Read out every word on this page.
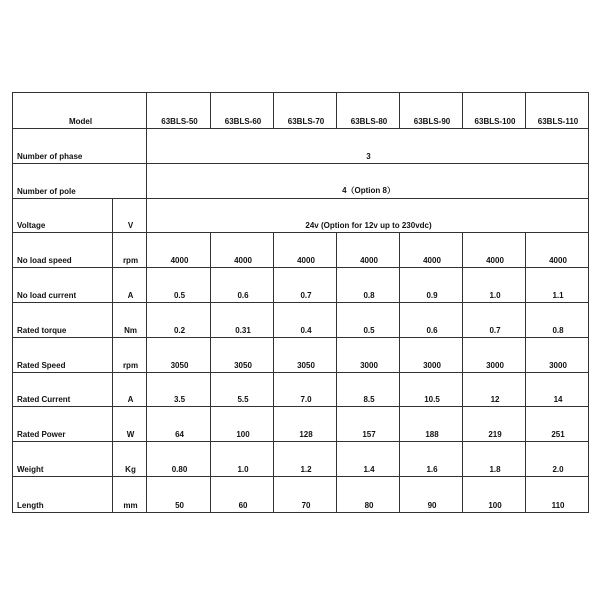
Model		63BLS-50	63BLS-60	63BLS-70	63BLS-80	63BLS-90	63BLS-100	63BLS-110
Number of phase		3						
Number of pole		4（Option 8）						
Voltage	V	24v (Option for 12v up to 230vdc)						
No load speed	rpm	4000	4000	4000	4000	4000	4000	4000
No load current	A	0.5	0.6	0.7	0.8	0.9	1.0	1.1
Rated torque	Nm	0.2	0.31	0.4	0.5	0.6	0.7	0.8
Rated Speed	rpm	3050	3050	3050	3000	3000	3000	3000
Rated Current	A	3.5	5.5	7.0	8.5	10.5	12	14
Rated Power	W	64	100	128	157	188	219	251
Weight	Kg	0.80	1.0	1.2	1.4	1.6	1.8	2.0
Length	mm	50	60	70	80	90	100	110
